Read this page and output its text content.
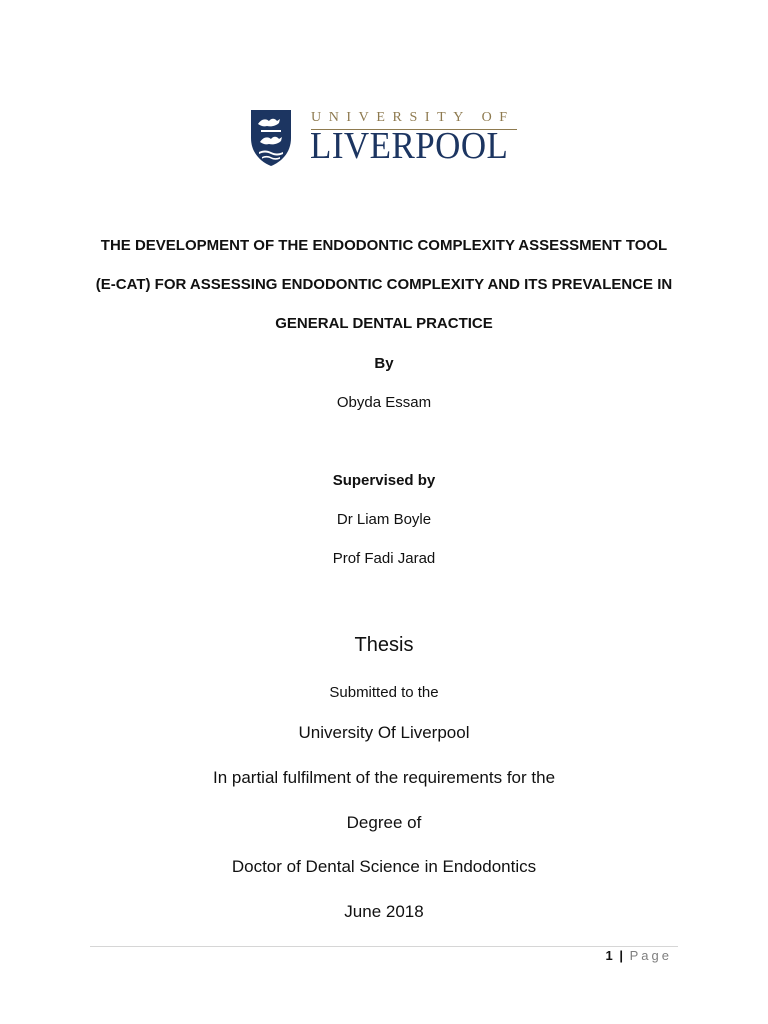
UNIVERSITY OF
LIVERPOOL
THE DEVELOPMENT OF THE ENDODONTIC COMPLEXITY ASSESSMENT TOOL
(E-CAT) FOR ASSESSING ENDODONTIC COMPLEXITY AND ITS PREVALENCE IN
GENERAL DENTAL PRACTICE
By
Obyda Essam
Supervised by
Dr Liam Boyle
Prof Fadi Jarad
Thesis
Submitted to the
University Of Liverpool
In partial fulfilment of the requirements for the
Degree of
Doctor of Dental Science in Endodontics
June 2018
1 | Page
